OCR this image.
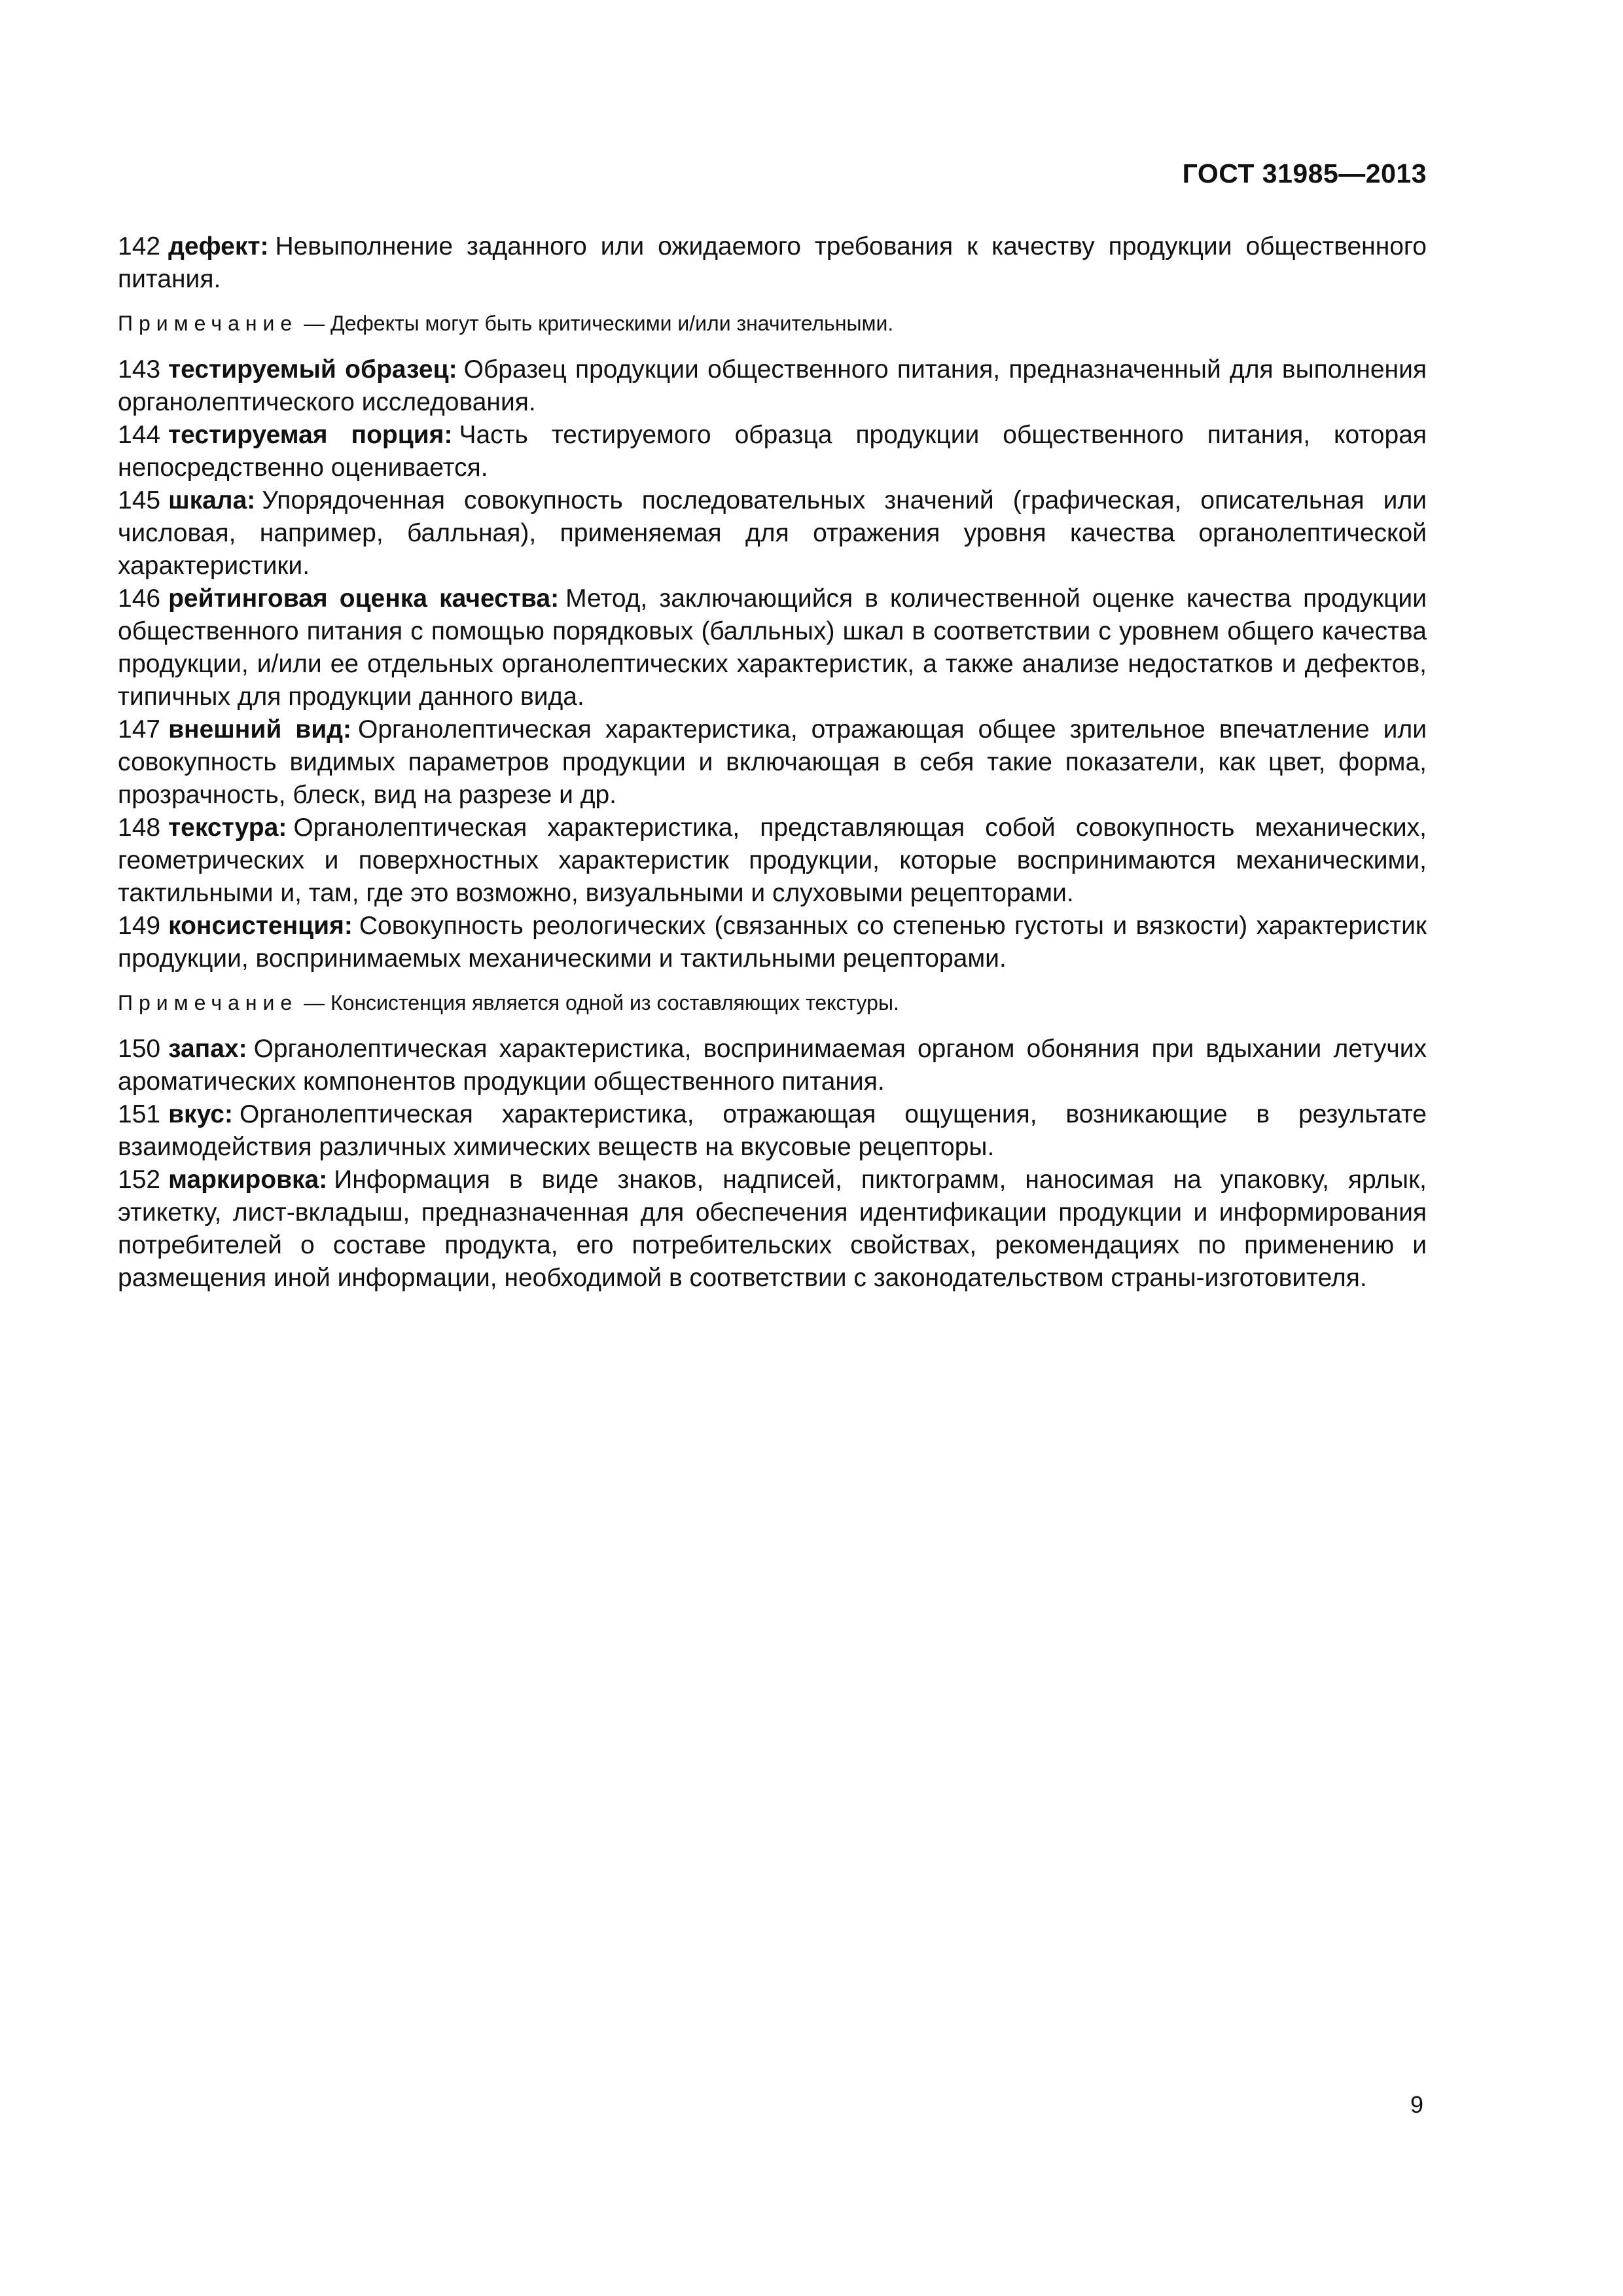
ГОСТ 31985—2013

142 дефект: Невыполнение заданного или ожидаемого требования к качеству продукции общественного питания.

Примечание — Дефекты могут быть критическими и/или значительными.

143 тестируемый образец: Образец продукции общественного питания, предназначенный для выполнения органолептического исследования.

144 тестируемая порция: Часть тестируемого образца продукции общественного питания, которая непосредственно оценивается.

145 шкала: Упорядоченная совокупность последовательных значений (графическая, описательная или числовая, например, балльная), применяемая для отражения уровня качества органолептической характеристики.

146 рейтинговая оценка качества: Метод, заключающийся в количественной оценке качества продукции общественного питания с помощью порядковых (балльных) шкал в соответствии с уровнем общего качества продукции, и/или ее отдельных органолептических характеристик, а также анализе недостатков и дефектов, типичных для продукции данного вида.

147 внешний вид: Органолептическая характеристика, отражающая общее зрительное впечатление или совокупность видимых параметров продукции и включающая в себя такие показатели, как цвет, форма, прозрачность, блеск, вид на разрезе и др.

148 текстура: Органолептическая характеристика, представляющая собой совокупность механических, геометрических и поверхностных характеристик продукции, которые воспринимаются механическими, тактильными и, там, где это возможно, визуальными и слуховыми рецепторами.

149 консистенция: Совокупность реологических (связанных со степенью густоты и вязкости) характеристик продукции, воспринимаемых механическими и тактильными рецепторами.

Примечание — Консистенция является одной из составляющих текстуры.

150 запах: Органолептическая характеристика, воспринимаемая органом обоняния при вдыхании летучих ароматических компонентов продукции общественного питания.

151 вкус: Органолептическая характеристика, отражающая ощущения, возникающие в результате взаимодействия различных химических веществ на вкусовые рецепторы.

152 маркировка: Информация в виде знаков, надписей, пиктограмм, наносимая на упаковку, ярлык, этикетку, лист-вкладыш, предназначенная для обеспечения идентификации продукции и информирования потребителей о составе продукта, его потребительских свойствах, рекомендациях по применению и размещения иной информации, необходимой в соответствии с законодательством страны-изготовителя.

9
